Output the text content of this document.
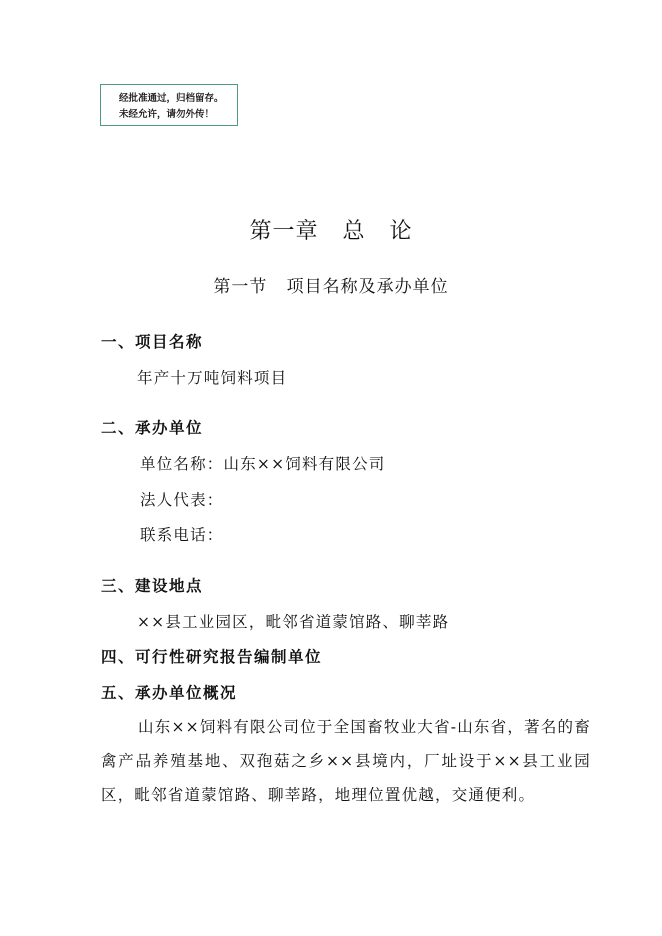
经批准通过，归档留存。
未经允许，请勿外传！
第一章   总   论
第一节   项目名称及承办单位
一、项目名称
年产十万吨饲料项目
二、承办单位
单位名称：山东××饲料有限公司
法人代表：
联系电话：
三、建设地点
××县工业园区，毗邻省道蒙馆路、聊莘路
四、可行性研究报告编制单位
五、承办单位概况
山东××饲料有限公司位于全国畜牧业大省-山东省，著名的畜禽产品养殖基地、双孢菇之乡××县境内，厂址设于××县工业园区，毗邻省道蒙馆路、聊莘路，地理位置优越，交通便利。
